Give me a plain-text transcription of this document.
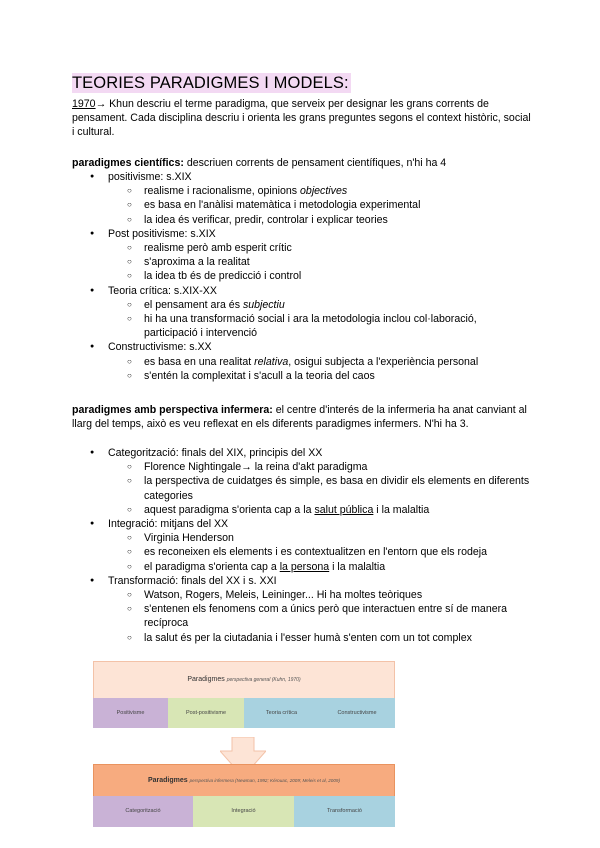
TEORIES PARADIGMES I MODELS:

1970→ Khun descriu el terme paradigma, que serveix per designar les grans corrents de pensament. Cada disciplina descriu i orienta les grans preguntes segons el context històric, social i cultural.

paradigmes científics: descriuen corrents de pensament científiques, n'hi ha 4

● positivisme: s.XIX
○ realisme i racionalisme, opinions objectives
○ es basa en l'anàlisi matemàtica i metodologia experimental
○ la idea és verificar, predir, controlar i explicar teories
● Post positivisme: s.XIX
○ realisme però amb esperit crític
○ s'aproxima a la realitat
○ la idea tb és de predicció i control
● Teoria crítica: s.XIX-XX
○ el pensament ara és subjectiu
○ hi ha una transformació social i ara la metodologia inclou col·laboració, participació i intervenció
● Constructivisme: s.XX
○ es basa en una realitat relativa, osigui subjecta a l'experiència personal
○ s'entén la complexitat i s'acull a la teoria del caos

paradigmes amb perspectiva infermera: el centre d'interés de la infermeria ha anat canviant al llarg del temps, això es veu reflexat en els diferents paradigmes infermers. N'hi ha 3.

● Categorització: finals del XIX, principis del XX
○ Florence Nightingale→ la reina d'akt paradigma
○ la perspectiva de cuidatges és simple, es basa en dividir els elements en diferents categories
○ aquest paradigma s'orienta cap a la salut pública i la malaltia
● Integració: mitjans del XX
○ Virginia Henderson
○ es reconeixen els elements i es contextualitzen en l'entorn que els rodeja
○ el paradigma s'orienta cap a la persona i la malaltia
● Transformació: finals del XX i s. XXI
○ Watson, Rogers, Meleis, Leininger... Hi ha moltes teòriques
○ s'entenen els fenomens com a únics però que interactuen entre sí de manera recíproca
○ la salut és per la ciutadania i l'esser humà s'enten com un tot complex
Paradigmes perspectiva general (Kuhn, 1970)
Positivisme	Post-positivisme	Teoria crítica	Constructivisme
Paradigmes perspectiva infermera (Newman, 1992; Kérouac, 2009; Meleis et al, 2009)
Categorització	Integració	Transformació
